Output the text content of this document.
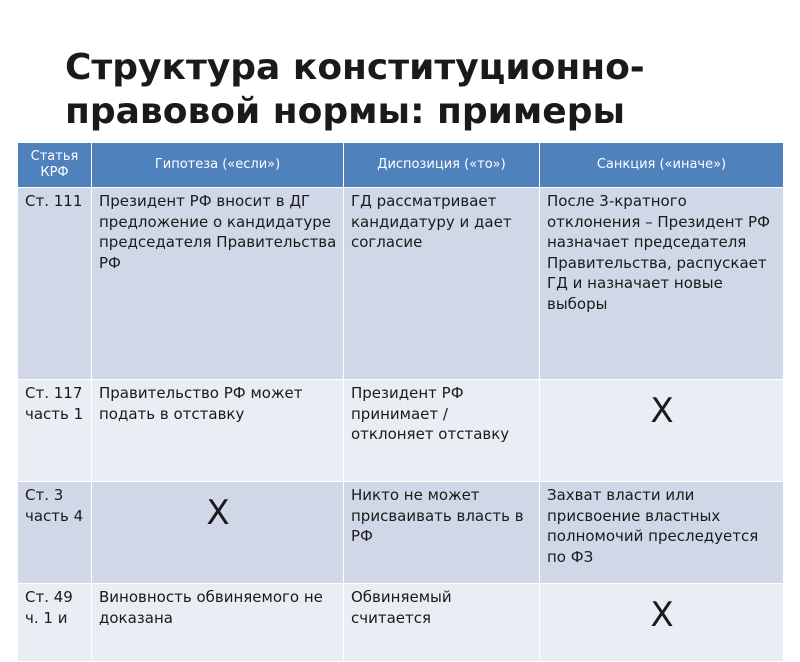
Структура конституционно-правовой нормы: примеры
Статья КРФ	Гипотеза («если»)	Диспозиция («то»)	Санкция («иначе»)
Ст. 111	Президент РФ вносит в ДГ предложение о кандидатуре председателя Правительства РФ	ГД рассматривает кандидатуру и дает согласие	После 3-кратного отклонения – Президент РФ назначает председателя Правительства, распускает ГД и назначает новые выборы
Ст. 117 часть 1	Правительство РФ может подать в отставку	Президент РФ принимает / отклоняет отставку	X
Ст. 3 часть 4	X	Никто не может присваивать власть в РФ	Захват власти или присвоение властных полномочий преследуется по ФЗ
Ст. 49 ч. 1 и	Виновность обвиняемого не доказана	Обвиняемый считается	X
